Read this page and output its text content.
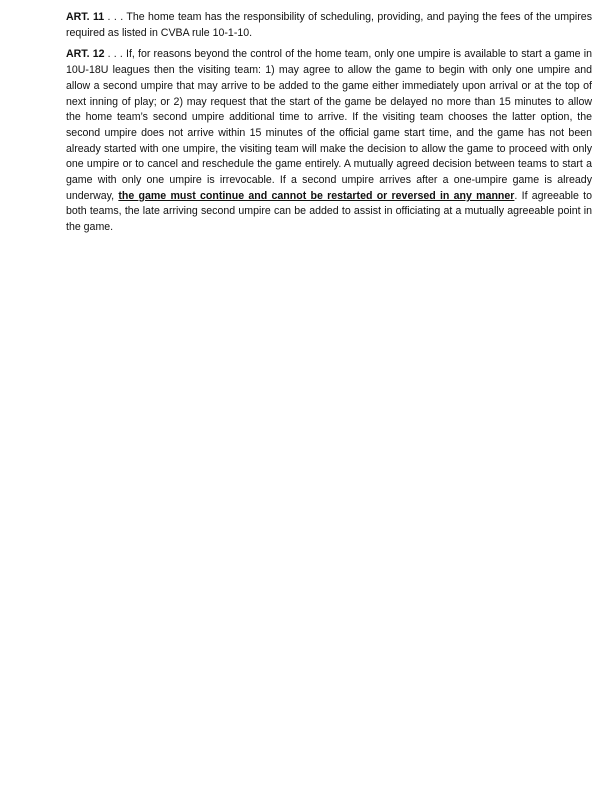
ART. 11 . . . The home team has the responsibility of scheduling, providing, and paying the fees of the umpires required as listed in CVBA rule 10-1-10.

ART. 12 . . . If, for reasons beyond the control of the home team, only one umpire is available to start a game in 10U-18U leagues then the visiting team: 1) may agree to allow the game to begin with only one umpire and allow a second umpire that may arrive to be added to the game either immediately upon arrival or at the top of next inning of play; or 2) may request that the start of the game be delayed no more than 15 minutes to allow the home team’s second umpire additional time to arrive. If the visiting team chooses the latter option, the second umpire does not arrive within 15 minutes of the official game start time, and the game has not been already started with one umpire, the visiting team will make the decision to allow the game to proceed with only one umpire or to cancel and reschedule the game entirely. A mutually agreed decision between teams to start a game with only one umpire is irrevocable. If a second umpire arrives after a one-umpire game is already underway, the game must continue and cannot be restarted or reversed in any manner. If agreeable to both teams, the late arriving second umpire can be added to assist in officiating at a mutually agreeable point in the game.
